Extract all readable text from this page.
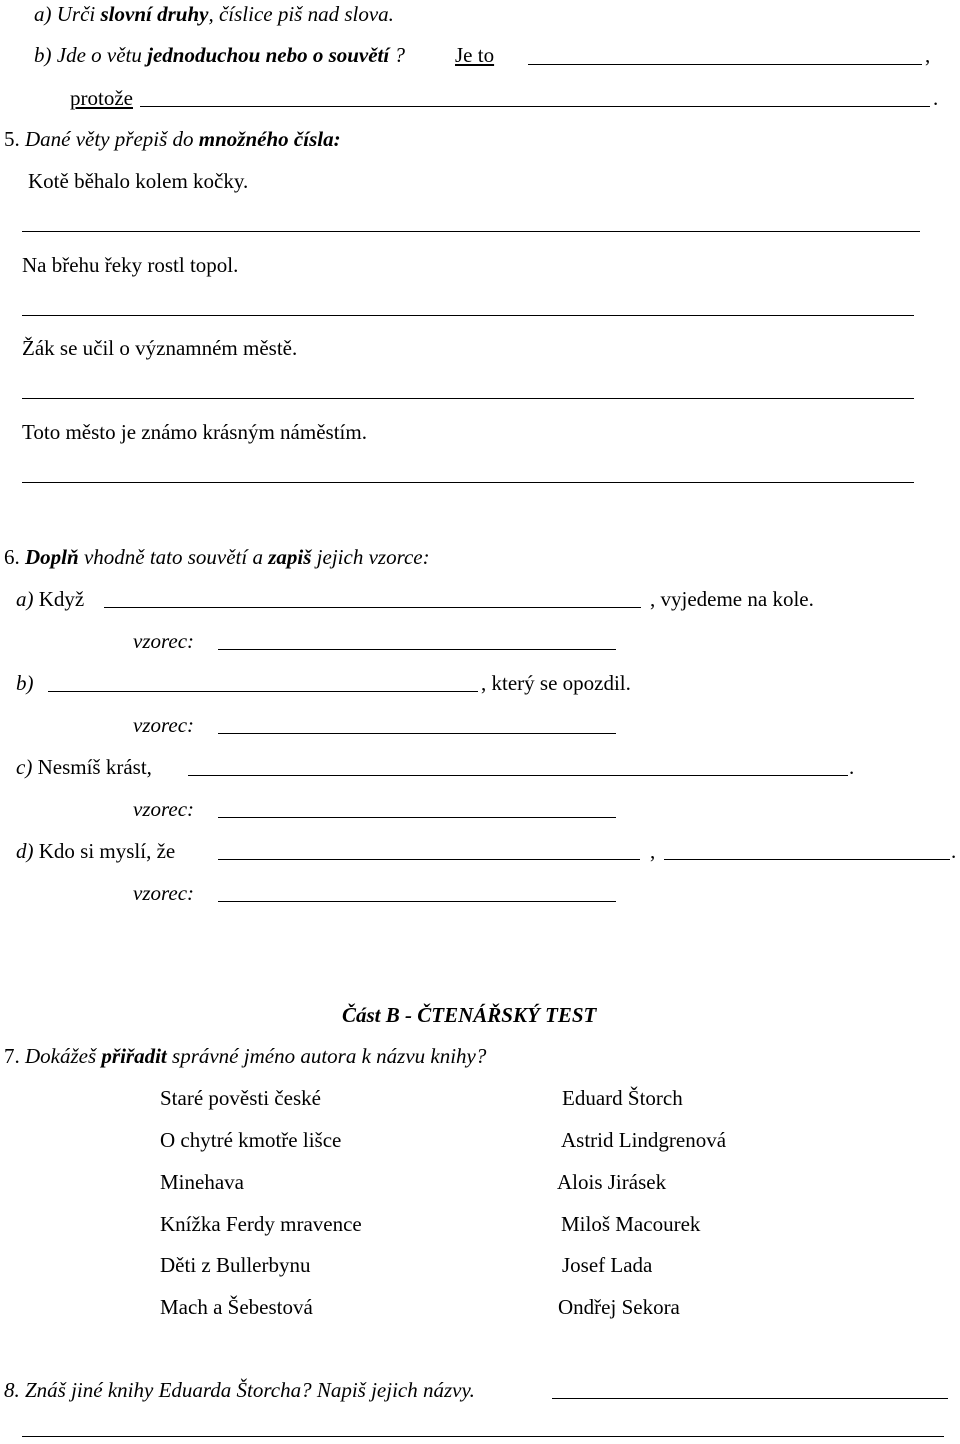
a) Urči slovní druhy, číslice piš nad slova.
b) Jde o větu jednoduchou nebo o souvětí ? Je to	,
protože	.
5. Dané věty přepiš do množného čísla:
Kotě běhalo kolem kočky.
Na břehu řeky rostl topol.
Žák se učil o významném městě.
Toto město je známo krásným náměstím.
6. Doplň vhodně tato souvětí a zapiš jejich vzorce:
a) Když	, vyjedeme na kole.
vzorec:
b)	, který se opozdil.
vzorec:
c) Nesmíš krást,	.
vzorec:
d) Kdo si myslí, že	,	.
vzorec:
Část B - ČTENÁŘSKÝ TEST
7. Dokážeš přiřadit správné jméno autora k názvu knihy?
Staré pověsti české	Eduard Štorch
O chytré kmotře lišce	Astrid Lindgrenová
Minehava	Alois Jirásek
Knížka Ferdy mravence	Miloš Macourek
Děti z Bullerbynu	Josef Lada
Mach a Šebestová	Ondřej Sekora
8. Znáš jiné knihy Eduarda Štorcha? Napiš jejich názvy.
